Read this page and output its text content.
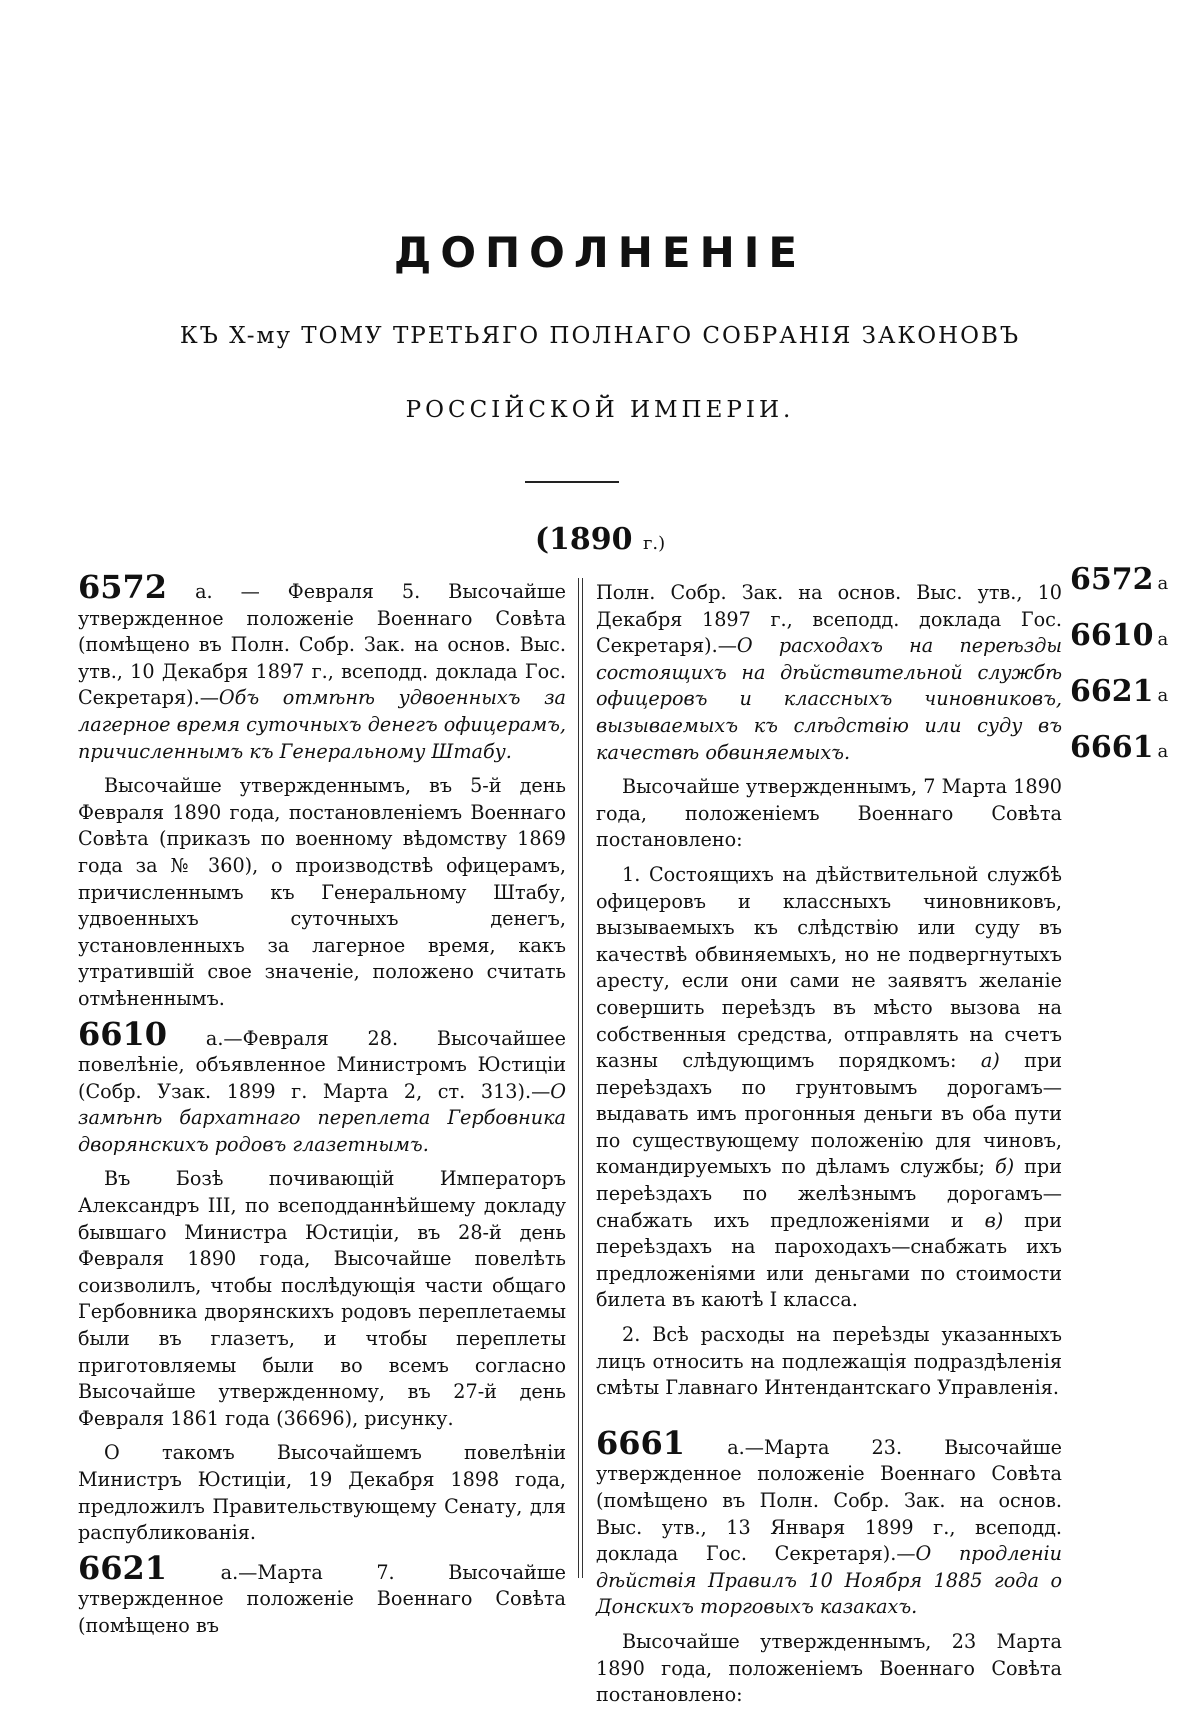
ДОПОЛНЕНІЕ
КЪ X-му ТОМУ ТРЕТЬЯГО ПОЛНАГО СОБРАНІЯ ЗАКОНОВЪ
РОССІЙСКОЙ ИМПЕРІИ.
(1890 г.)

6572 а. — Февраля 5. Высочайше утвержденное положеніе Военнаго Совѣта (помѣщено въ Полн. Собр. Зак. на основ. Выс. утв., 10 Декабря 1897 г., всеподд. доклада Гос. Секретаря).—Объ отмѣнѣ удвоенныхъ за лагерное время суточныхъ денегъ офицерамъ, причисленнымъ къ Генеральному Штабу.

Высочайше утвержденнымъ, въ 5-й день Февраля 1890 года, постановленіемъ Военнаго Совѣта (приказъ по военному вѣдомству 1869 года за № 360), о производствѣ офицерамъ, причисленнымъ къ Генеральному Штабу, удвоенныхъ суточныхъ денегъ, установленныхъ за лагерное время, какъ утратившій свое значеніе, положено считать отмѣненнымъ.

6610 а.—Февраля 28. Высочайшее повелѣніе, объявленное Министромъ Юстиціи (Собр. Узак. 1899 г. Марта 2, ст. 313).—О замѣнѣ бархатнаго переплета Гербовника дворянскихъ родовъ глазетнымъ.

Въ Бозѣ почивающій Императоръ Александръ III, по всеподданнѣйшему докладу бывшаго Министра Юстиціи, въ 28-й день Февраля 1890 года, Высочайше повелѣть соизволилъ, чтобы послѣдующія части общаго Гербовника дворянскихъ родовъ переплетаемы были въ глазетъ, и чтобы переплеты приготовляемы были во всемъ согласно Высочайше утвержденному, въ 27-й день Февраля 1861 года (36696), рисунку.

О такомъ Высочайшемъ повелѣніи Министръ Юстиціи, 19 Декабря 1898 года, предложилъ Правительствующему Сенату, для распубликованія.

6621	а.—Марта 7. Высочайше утвержденное положеніе Военнаго Совѣта (помѣщено въ

Полн. Собр. Зак. на основ. Выс. утв., 10 Декабря 1897 г., всеподд. доклада Гос. Секретаря).—О расходахъ на переѣзды состоящихъ на дѣйствительной службѣ офицеровъ и классныхъ чиновниковъ, вызываемыхъ къ слѣдствію или суду въ качествѣ обвиняемыхъ.

Высочайше утвержденнымъ, 7 Марта 1890 года, положеніемъ Военнаго Совѣта постановлено:

1. Состоящихъ на дѣйствительной службѣ офицеровъ и классныхъ чиновниковъ, вызываемыхъ къ слѣдствію или суду въ качествѣ обвиняемыхъ, но не подвергнутыхъ аресту, если они сами не заявятъ желаніе совершить переѣздъ въ мѣсто вызова на собственныя средства, отправлять на счетъ казны слѣдующимъ порядкомъ: а) при переѣздахъ по грунтовымъ дорогамъ—выдавать имъ прогонныя деньги въ оба пути по существующему положенію для чиновъ, командируемыхъ по дѣламъ службы; б) при переѣздахъ по желѣзнымъ дорогамъ—снабжать ихъ предложеніями и в) при переѣздахъ на пароходахъ—снабжать ихъ предложеніями или деньгами по стоимости билета въ каютѣ I класса.

2. Всѣ расходы на переѣзды указанныхъ лицъ относить на подлежащія подраздѣленія смѣты Главнаго Интендантскаго Управленія.

6661 а.—Марта 23. Высочайше утвержденное положеніе Военнаго Совѣта (помѣщено въ Полн. Собр. Зак. на основ. Выс. утв., 13 Января 1899 г., всеподд. доклада Гос. Секретаря).—О продленіи дѣйствія Правилъ 10 Ноября 1885 года о Донскихъ торговыхъ казакахъ.

Высочайше утвержденнымъ, 23 Марта 1890 года, положеніемъ Военнаго Совѣта постановлено:

6572 а
6610 а
6621 а
6661 а
